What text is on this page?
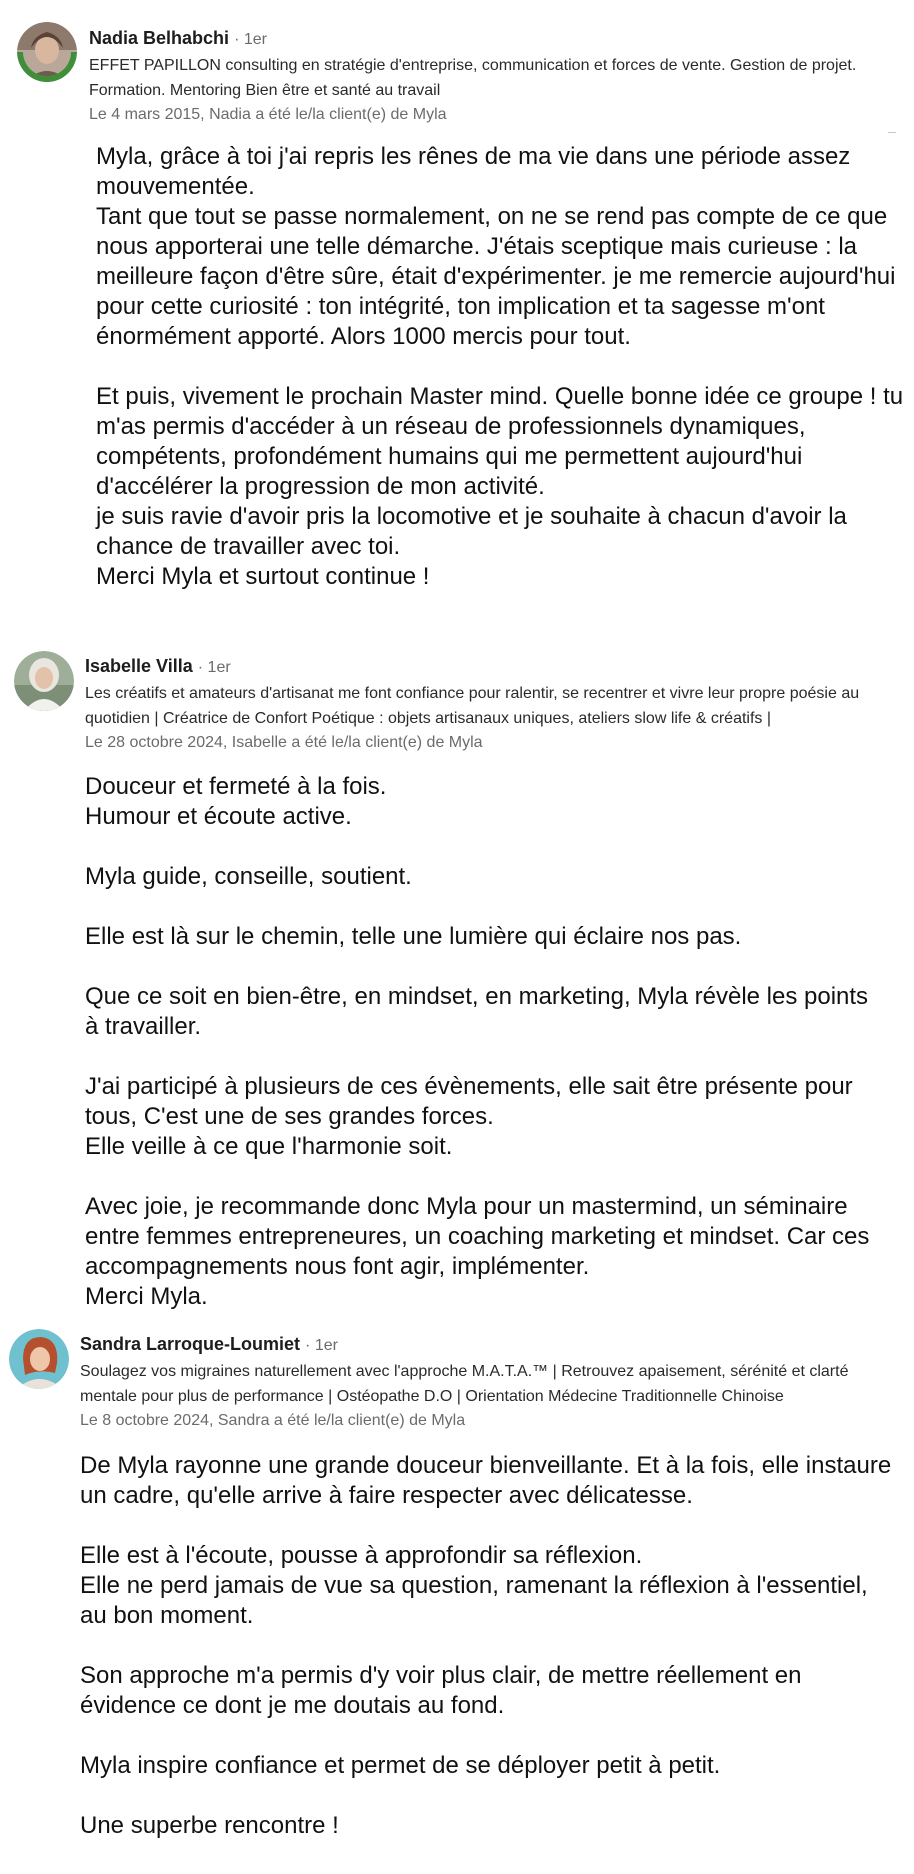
Nadia Belhabchi · 1er
EFFET PAPILLON consulting en stratégie d'entreprise, communication et forces de vente. Gestion de projet. Formation. Mentoring Bien être et santé au travail
Le 4 mars 2015, Nadia a été le/la client(e) de Myla

Myla, grâce à toi j'ai repris les rênes de ma vie dans une période assez mouvementée.

Tant que tout se passe normalement, on ne se rend pas compte de ce que nous apporterai une telle démarche. J'étais sceptique mais curieuse : la meilleure façon d'être sûre, était d'expérimenter. je me remercie aujourd'hui pour cette curiosité : ton intégrité, ton implication et ta sagesse m'ont énormément apporté. Alors 1000 mercis pour tout.

Et puis, vivement le prochain Master mind. Quelle bonne idée ce groupe ! tu m'as permis d'accéder à un réseau de professionnels dynamiques, compétents, profondément humains qui me permettent aujourd'hui d'accélérer la progression de mon activité.

je suis ravie d'avoir pris la locomotive et je souhaite à chacun d'avoir la chance de travailler avec toi.

Merci Myla et surtout continue !

Isabelle Villa · 1er
Les créatifs et amateurs d'artisanat me font confiance pour ralentir, se recentrer et vivre leur propre poésie au quotidien | Créatrice de Confort Poétique : objets artisanaux uniques, ateliers slow life & créatifs |
Le 28 octobre 2024, Isabelle a été le/la client(e) de Myla

Douceur et fermeté à la fois.

Humour et écoute active.

Myla guide, conseille, soutient.

Elle est là sur le chemin, telle une lumière qui éclaire nos pas.

Que ce soit en bien-être, en mindset, en marketing, Myla révèle les points à travailler.

J'ai participé à plusieurs de ces évènements, elle sait être présente pour tous, C'est une de ses grandes forces.

Elle veille à ce que l'harmonie soit.

Avec joie, je recommande donc Myla pour un mastermind, un séminaire entre femmes entrepreneures, un coaching marketing et mindset. Car ces accompagnements nous font agir, implémenter.

Merci Myla.

Sandra Larroque-Loumiet · 1er
Soulagez vos migraines naturellement avec l'approche M.A.T.A.™ | Retrouvez apaisement, sérénité et clarté mentale pour plus de performance | Ostéopathe D.O | Orientation Médecine Traditionnelle Chinoise
Le 8 octobre 2024, Sandra a été le/la client(e) de Myla

De Myla rayonne une grande douceur bienveillante. Et à la fois, elle instaure un cadre, qu'elle arrive à faire respecter avec délicatesse.

Elle est à l'écoute, pousse à approfondir sa réflexion.

Elle ne perd jamais de vue sa question, ramenant la réflexion à l'essentiel, au bon moment.

Son approche m'a permis d'y voir plus clair, de mettre réellement en évidence ce dont je me doutais au fond.

Myla inspire confiance et permet de se déployer petit à petit.

Une superbe rencontre !
